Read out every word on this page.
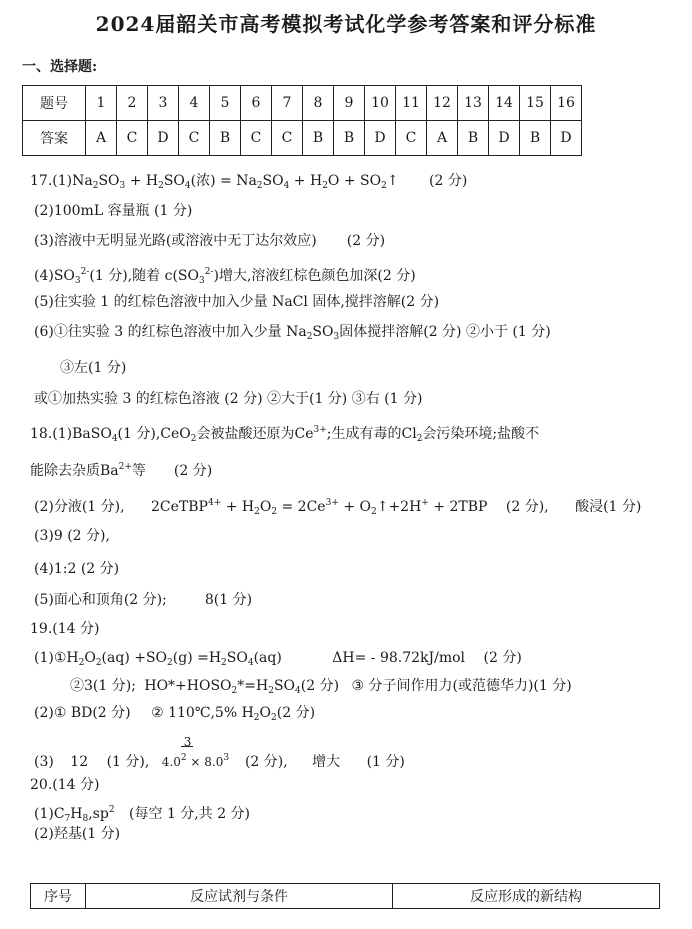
2024届韶关市高考模拟考试化学参考答案和评分标准
一、选择题:
题号	1	2	3	4	5	6	7	8	9	10	11	12	13	14	15	16
答案	A	C	D	C	B	C	C	B	B	D	C	A	B	D	B	D
$17.(1)Na_2SO_3 + H_2SO_4$(浓) = $Na_2SO_4 + H_2O$ + $SO_2↑$ (2 分)
(2)100mL 容量瓶 (1 分)
(3)溶液中无明显光路(或溶液中无丁达尔效应) (2 分)
$(4)SO_3^{2-}(1$ 分),随着 $c(SO_3^{2-})$增大,溶液红棕色颜色加深(2 分)
(5)往实验 1 的红棕色溶液中加入少量 NaCl 固体,搅拌溶解(2 分)
(6)①往实验 3 的红棕色溶液中加入少量 $Na_2SO_3$固体搅拌溶解(2 分) ②小于 (1 分)
③左(1 分)
或①加热实验 3 的红棕色溶液 (2 分) ②大于(1 分) ③右 (1 分)
18.(1)BaSO$_4$(1 分),CeO$_2$会被盐酸还原为$Ce^{3+}$;生成有毒的$Cl_2$会污染环境;盐酸不
能除去杂质$Ba^{2+}$等 (2 分)
(2)分液(1 分), 2CeTBP$^{4+}$ + $H_2O_2 = 2Ce^{3+}$ + $O_2↑+2H^+ + 2TBP$ (2 分), 酸浸(1 分)
(3)9 (2 分),
(4)1:2 (2 分)
(5)面心和顶角(2 分);	8(1 分)
19.(14 分)
$(1)①H_2O_2(aq) +SO_2(g) =H_2SO_4(aq)$	ΔH= - 98.72kJ/mol (2 分)
②3(1 分); $HO*+HOSO_2*=H_2SO_4(2$ 分) ③ 分子间作用力(或范德华力)(1 分)
(2)① BD(2 分) ② 110℃,5% $H_2O_2(2$ 分)
(3) 12 (1 分),
3
$4.0^2 \times 8.0^3$ (2 分), 增大 (1 分)
20.(14 分)
$(1)C_7H_8,sp^2$ (每空 1 分,共 2 分)
(2)羟基(1 分)
序号	反应试剂与条件	反应形成的新结构
